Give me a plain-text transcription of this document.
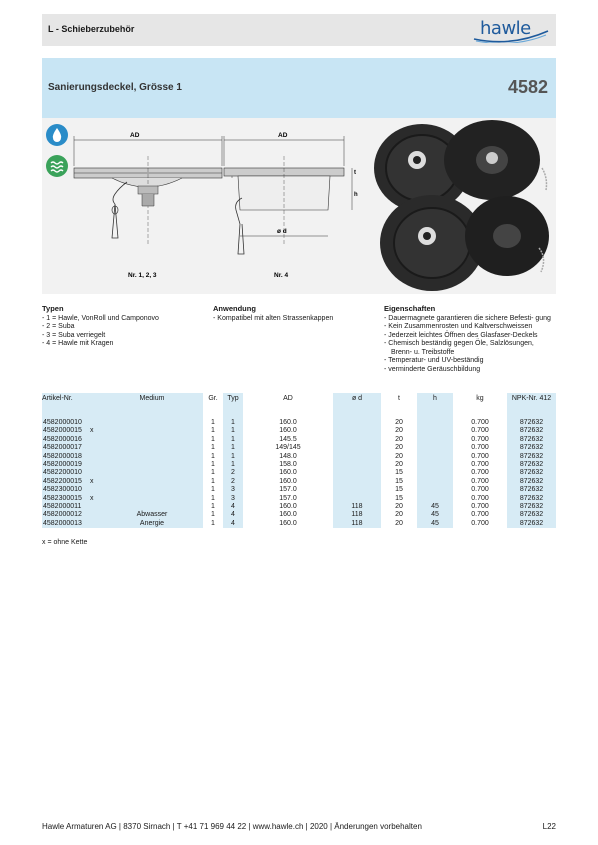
L - Schieberzubehör	hawle
Sanierungsdeckel, Grösse 1	4582
AD
Nr. 1, 2, 3
AD
ø d
t
h
Nr. 4
Typen
- 1 = Hawle, VonRoll und Camponovo
- 2 = Suba
- 3 = Suba verriegelt
- 4 = Hawle mit Kragen
Anwendung
- Kompatibel mit alten Strassenkappen
Eigenschaften
- Dauermagnete garantieren die sichere Befesti- gung
- Kein Zusammenrosten und Kaltverschweissen
- Jederzeit leichtes Öffnen des Glasfaser-Deckels
- Chemisch beständig gegen Öle, Salzlösungen, Brenn- u. Treibstoffe
- Temperatur- und UV-beständig
- verminderte Geräuschbildung
Artikel-Nr.		Medium	Gr.	Typ	AD	ø d	t	h	kg	NPK-Nr. 412
4582000010			1	1	160.0		20		0.700	872632
4582000015	x		1	1	160.0		20		0.700	872632
4582000016			1	1	145.5		20		0.700	872632
4582000017			1	1	149/145		20		0.700	872632
4582000018			1	1	148.0		20		0.700	872632
4582000019			1	1	158.0		20		0.700	872632
4582200010			1	2	160.0		15		0.700	872632
4582200015	x		1	2	160.0		15		0.700	872632
4582300010			1	3	157.0		15		0.700	872632
4582300015	x		1	3	157.0		15		0.700	872632
4582000011			1	4	160.0	118	20	45	0.700	872632
4582000012		Abwasser	1	4	160.0	118	20	45	0.700	872632
4582000013		Anergie	1	4	160.0	118	20	45	0.700	872632
x = ohne Kette
Hawle Armaturen AG | 8370 Sirnach | T +41 71 969 44 22 | www.hawle.ch | 2020 | Änderungen vorbehalten	L22
